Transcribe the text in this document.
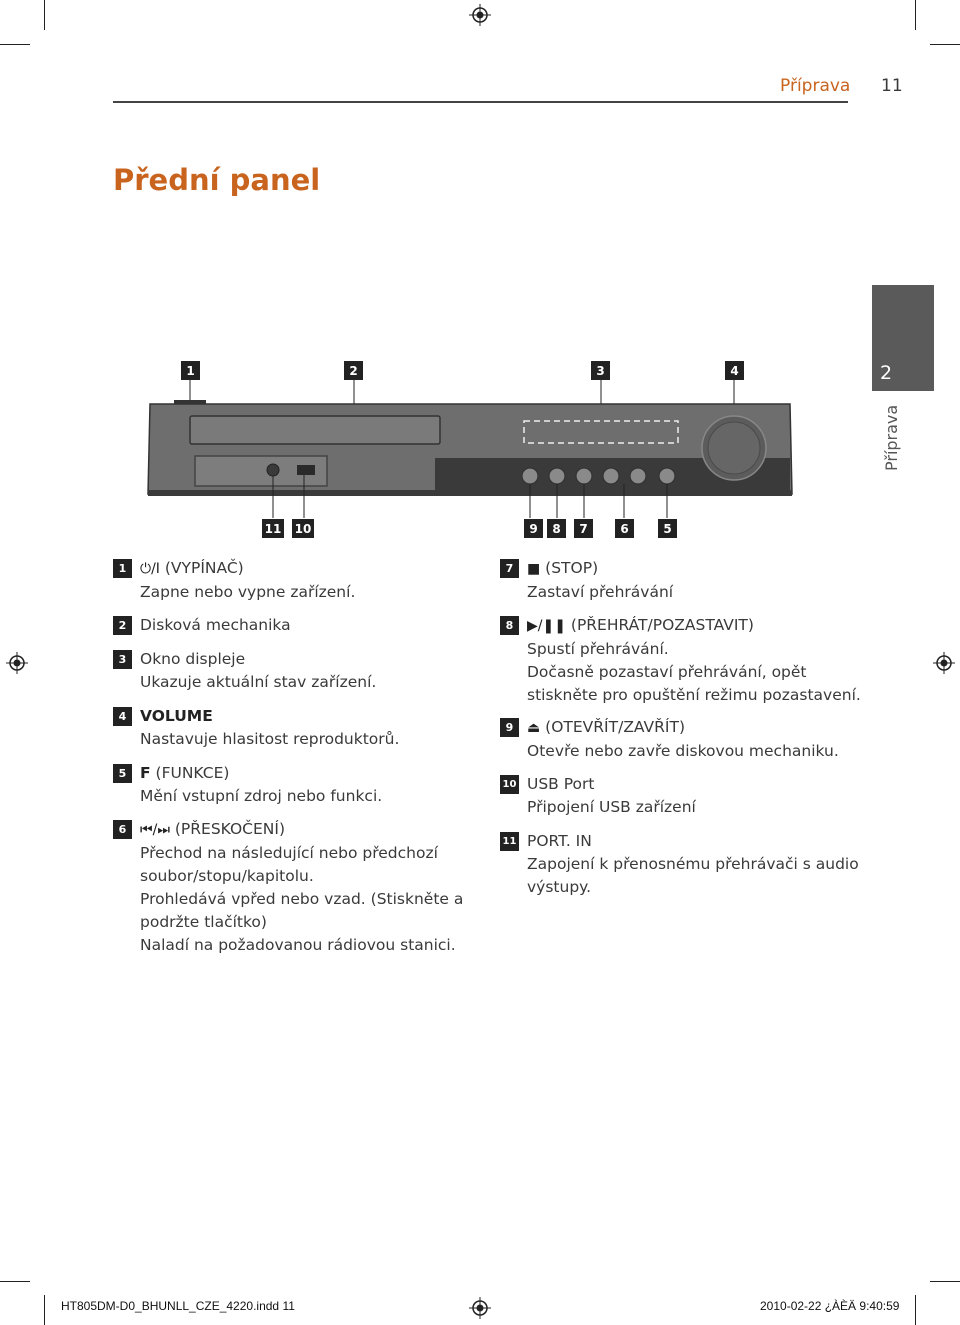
Příprava 11
Přední panel
2
Příprava
1	2	3	4
11 10	9	8	7	6	5
1 ⏻/I (VYPÍNAČ)
Zapne nebo vypne zařízení.
2 Disková mechanika
3 Okno displeje
Ukazuje aktuální stav zařízení.
4 VOLUME
Nastavuje hlasitost reproduktorů.
5 F (FUNKCE)
Mění vstupní zdroj nebo funkci.
6 ⏮/⏭ (PŘESKOČENÍ)
Přechod na následující nebo předchozí
soubor/stopu/kapitolu.
Prohledává vpřed nebo vzad. (Stiskněte a
podržte tlačítko)
Naladí na požadovanou rádiovou stanici.
7 ■ (STOP)
Zastaví přehrávání
8 ▶/❚❚ (PŘEHRÁT/POZASTAVIT)
Spustí přehrávání.
Dočasně pozastaví přehrávání, opět
stiskněte pro opuštění režimu pozastavení.
9 ⏏ (OTEVŘÍT/ZAVŘÍT)
Otevře nebo zavře diskovou mechaniku.
10 USB Port
Připojení USB zařízení
11 PORT. IN
Zapojení k přenosnému přehrávači s audio
výstupy.
HT805DM-D0_BHUNLL_CZE_4220.indd 11	2010-02-22 ¿ÀÈÄ 9:40:59
